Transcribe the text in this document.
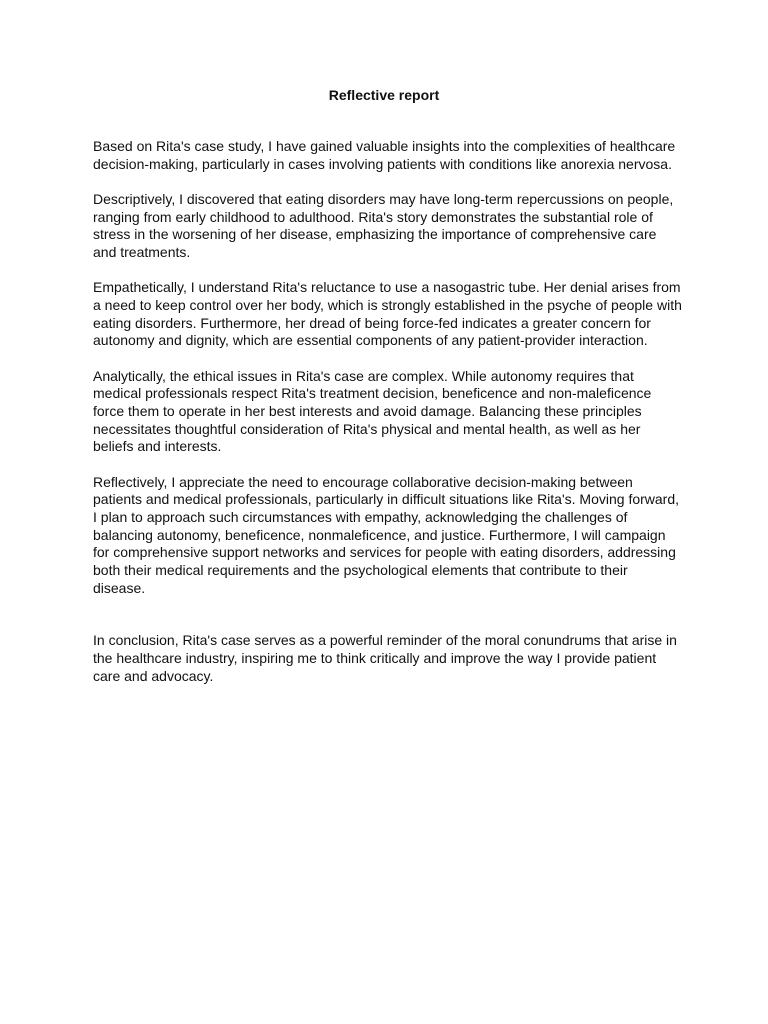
Reflective report

Based on Rita's case study, I have gained valuable insights into the complexities of healthcare decision-making, particularly in cases involving patients with conditions like anorexia nervosa.

Descriptively, I discovered that eating disorders may have long-term repercussions on people, ranging from early childhood to adulthood. Rita's story demonstrates the substantial role of stress in the worsening of her disease, emphasizing the importance of comprehensive care and treatments.

Empathetically, I understand Rita's reluctance to use a nasogastric tube. Her denial arises from a need to keep control over her body, which is strongly established in the psyche of people with eating disorders. Furthermore, her dread of being force-fed indicates a greater concern for autonomy and dignity, which are essential components of any patient-provider interaction.

Analytically, the ethical issues in Rita's case are complex. While autonomy requires that medical professionals respect Rita's treatment decision, beneficence and non-maleficence force them to operate in her best interests and avoid damage. Balancing these principles necessitates thoughtful consideration of Rita's physical and mental health, as well as her beliefs and interests.

Reflectively, I appreciate the need to encourage collaborative decision-making between patients and medical professionals, particularly in difficult situations like Rita's. Moving forward, I plan to approach such circumstances with empathy, acknowledging the challenges of balancing autonomy, beneficence, nonmaleficence, and justice. Furthermore, I will campaign for comprehensive support networks and services for people with eating disorders, addressing both their medical requirements and the psychological elements that contribute to their disease.

In conclusion, Rita's case serves as a powerful reminder of the moral conundrums that arise in the healthcare industry, inspiring me to think critically and improve the way I provide patient care and advocacy.
